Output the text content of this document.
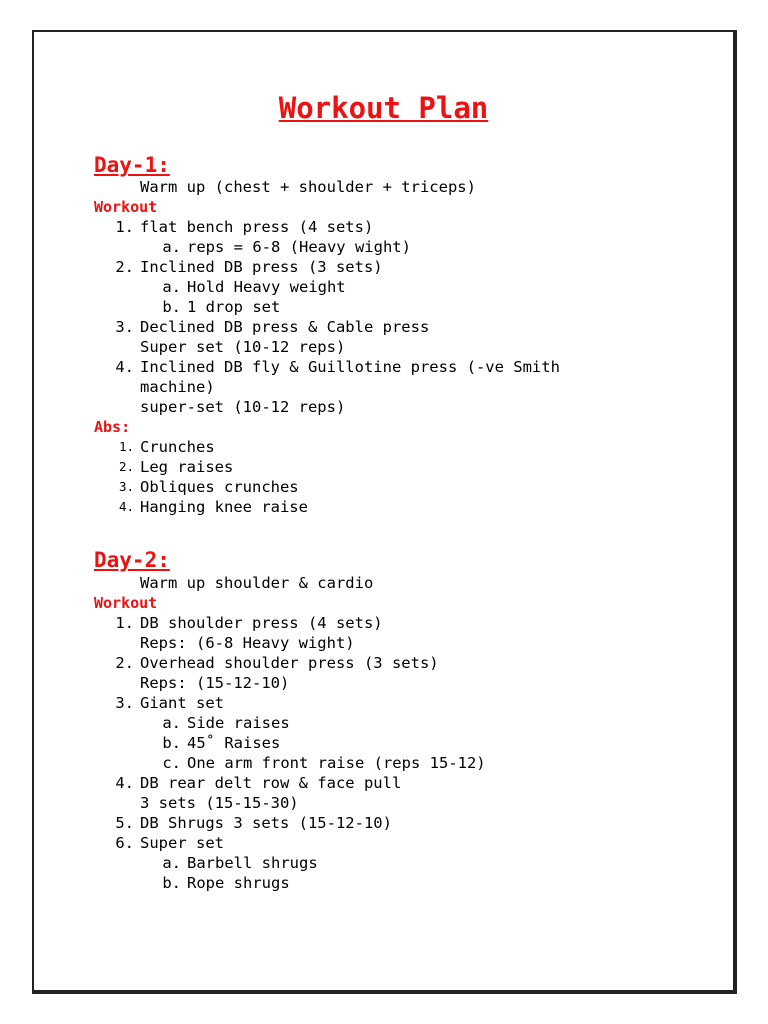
Workout Plan
Day-1:
Warm up (chest + shoulder + triceps)
Workout
1. flat bench press (4 sets)
a. reps = 6-8 (Heavy wight)
2. Inclined DB press (3 sets)
a. Hold Heavy weight
b. 1 drop set
3. Declined DB press & Cable press
Super set (10-12 reps)
4. Inclined DB fly & Guillotine press (-ve Smith
machine)
super-set (10-12 reps)
Abs:
1. Crunches
2. Leg raises
3. Obliques crunches
4. Hanging knee raise
Day-2:
Warm up shoulder & cardio
Workout
1. DB shoulder press (4 sets)
Reps: (6-8 Heavy wight)
2. Overhead shoulder press (3 sets)
Reps: (15-12-10)
3. Giant set
a. Side raises
b. 45˚ Raises
c. One arm front raise (reps 15-12)
4. DB rear delt row & face pull
3 sets (15-15-30)
5. DB Shrugs 3 sets (15-12-10)
6. Super set
a. Barbell shrugs
b. Rope shrugs
